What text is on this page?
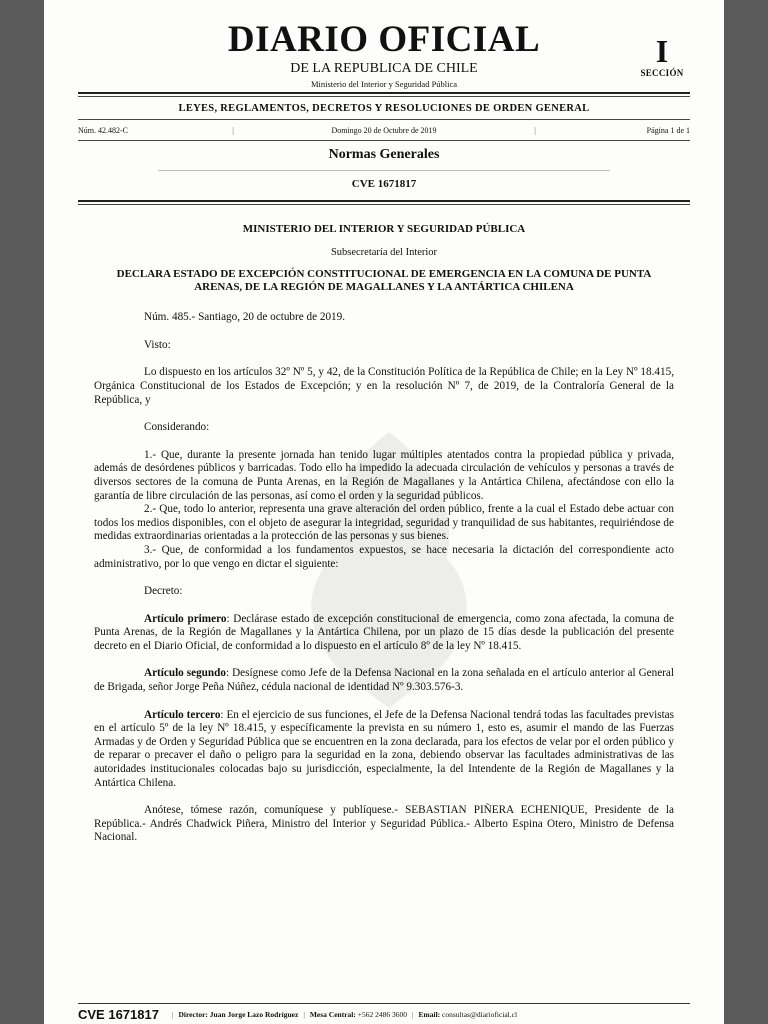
DIARIO OFICIAL
DE LA REPUBLICA DE CHILE
Ministerio del Interior y Seguridad Pública
I
SECCIÓN
LEYES, REGLAMENTOS, DECRETOS Y RESOLUCIONES DE ORDEN GENERAL
Núm. 42.482-C	|	Domingo 20 de Octubre de 2019	|	Página 1 de 1
Normas Generales
CVE 1671817
MINISTERIO DEL INTERIOR Y SEGURIDAD PÚBLICA
Subsecretaría del Interior
DECLARA ESTADO DE EXCEPCIÓN CONSTITUCIONAL DE EMERGENCIA EN LA COMUNA DE PUNTA ARENAS, DE LA REGIÓN DE MAGALLANES Y LA ANTÁRTICA CHILENA

Núm. 485.- Santiago, 20 de octubre de 2019.

Visto:

Lo dispuesto en los artículos 32º Nº 5, y 42, de la Constitución Política de la República de Chile; en la Ley Nº 18.415, Orgánica Constitucional de los Estados de Excepción; y en la resolución Nº 7, de 2019, de la Contraloría General de la República, y

Considerando:

1.- Que, durante la presente jornada han tenido lugar múltiples atentados contra la propiedad pública y privada, además de desórdenes públicos y barricadas. Todo ello ha impedido la adecuada circulación de vehículos y personas a través de diversos sectores de la comuna de Punta Arenas, en la Región de Magallanes y la Antártica Chilena, afectándose con ello la garantía de libre circulación de las personas, así como el orden y la seguridad públicos.

2.- Que, todo lo anterior, representa una grave alteración del orden público, frente a la cual el Estado debe actuar con todos los medios disponibles, con el objeto de asegurar la integridad, seguridad y tranquilidad de sus habitantes, requiriéndose de medidas extraordinarias orientadas a la protección de las personas y sus bienes.

3.- Que, de conformidad a los fundamentos expuestos, se hace necesaria la dictación del correspondiente acto administrativo, por lo que vengo en dictar el siguiente:

Decreto:

Artículo primero: Declárase estado de excepción constitucional de emergencia, como zona afectada, la comuna de Punta Arenas, de la Región de Magallanes y la Antártica Chilena, por un plazo de 15 días desde la publicación del presente decreto en el Diario Oficial, de conformidad a lo dispuesto en el artículo 8º de la ley Nº 18.415.

Artículo segundo: Desígnese como Jefe de la Defensa Nacional en la zona señalada en el artículo anterior al General de Brigada, señor Jorge Peña Núñez, cédula nacional de identidad Nº 9.303.576-3.

Artículo tercero: En el ejercicio de sus funciones, el Jefe de la Defensa Nacional tendrá todas las facultades previstas en el artículo 5º de la ley Nº 18.415, y específicamente la prevista en su número 1, esto es, asumir el mando de las Fuerzas Armadas y de Orden y Seguridad Pública que se encuentren en la zona declarada, para los efectos de velar por el orden público y de reparar o precaver el daño o peligro para la seguridad en la zona, debiendo observar las facultades administrativas de las autoridades institucionales colocadas bajo su jurisdicción, especialmente, la del Intendente de la Región de Magallanes y la Antártica Chilena.

Anótese, tómese razón, comuníquese y publíquese.- SEBASTIAN PIÑERA ECHENIQUE, Presidente de la República.- Andrés Chadwick Piñera, Ministro del Interior y Seguridad Pública.- Alberto Espina Otero, Ministro de Defensa Nacional.

CVE 1671817 | Director:
Juan Jorge Lazo Rodríguez | Mesa Central:
+562 2486 3600 | Email:
consultas@diarioficial.cl
